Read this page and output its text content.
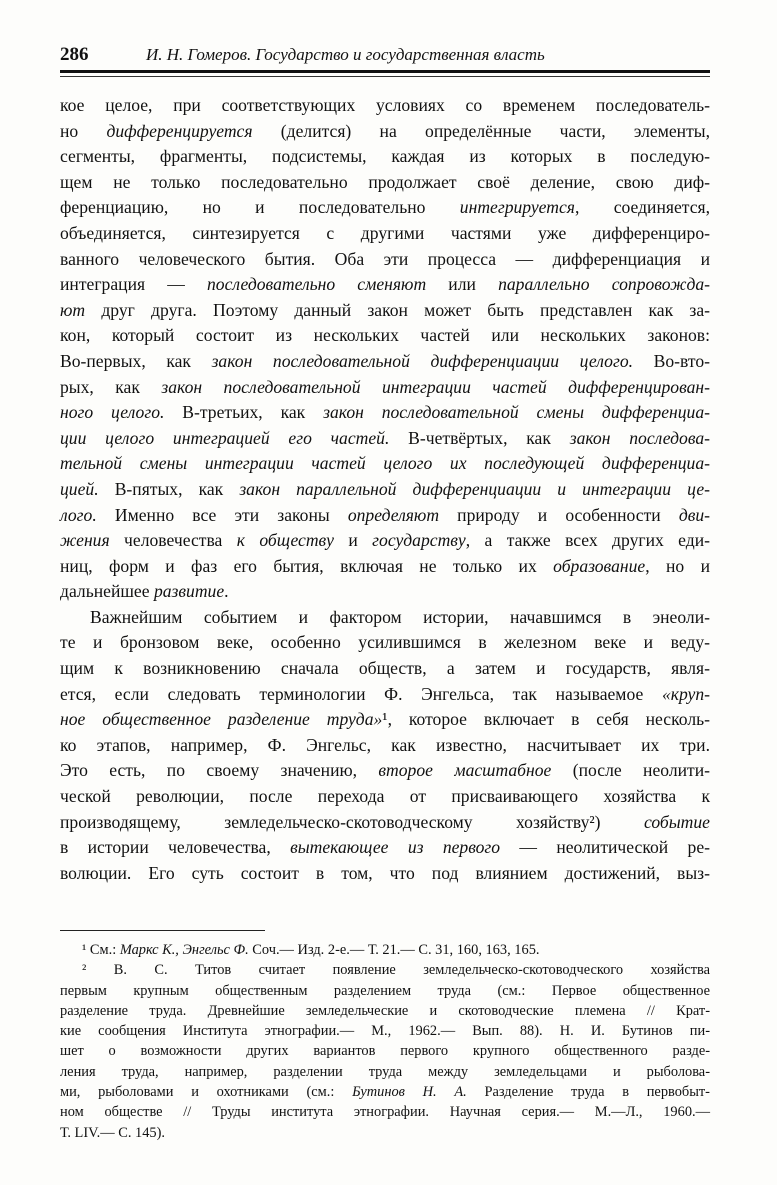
286	И. Н. Гомеров. Государство и государственная власть
кое целое, при соответствующих условиях со временем последователь-
но дифференцируется (делится) на определённые части, элементы,
сегменты, фрагменты, подсистемы, каждая из которых в последую-
щем не только последовательно продолжает своё деление, свою диф-
ференциацию, но и последовательно интегрируется, соединяется,
объединяется, синтезируется с другими частями уже дифференциро-
ванного человеческого бытия. Оба эти процесса — дифференциация и
интеграция — последовательно сменяют или параллельно сопровожда-
ют друг друга. Поэтому данный закон может быть представлен как за-
кон, который состоит из нескольких частей или нескольких законов:
Во-первых, как закон последовательной дифференциации целого. Во-вто-
рых, как закон последовательной интеграции частей дифференцирован-
ного целого. В-третьих, как закон последовательной смены дифференциа-
ции целого интеграцией его частей. В-четвёртых, как закон последова-
тельной смены интеграции частей целого их последующей дифференциа-
цией. В-пятых, как закон параллельной дифференциации и интеграции це-
лого. Именно все эти законы определяют природу и особенности дви-
жения человечества к обществу и государству, а также всех других еди-
ниц, форм и фаз его бытия, включая не только их образование, но и
дальнейшее развитие.
Важнейшим событием и фактором истории, начавшимся в энеоли-
те и бронзовом веке, особенно усилившимся в железном веке и веду-
щим к возникновению сначала обществ, а затем и государств, явля-
ется, если следовать терминологии Ф. Энгельса, так называемое «круп-
ное общественное разделение труда»¹, которое включает в себя несколь-
ко этапов, например, Ф. Энгельс, как известно, насчитывает их три.
Это есть, по своему значению, второе масштабное (после неолити-
ческой революции, после перехода от присваивающего хозяйства к
производящему, земледельческо-скотоводческому хозяйству²) событие
в истории человечества, вытекающее из первого — неолитической ре-
волюции. Его суть состоит в том, что под влиянием достижений, выз-
¹ См.: Маркс К., Энгельс Ф. Соч.— Изд. 2-е.— Т. 21.— С. 31, 160, 163, 165.
² В. С. Титов считает появление земледельческо-скотоводческого хозяйства
первым крупным общественным разделением труда (см.: Первое общественное
разделение труда. Древнейшие земледельческие и скотоводческие племена // Крат-
кие сообщения Института этнографии.— М., 1962.— Вып. 88). Н. И. Бутинов пи-
шет о возможности других вариантов первого крупного общественного разде-
ления труда, например, разделении труда между земледельцами и рыболова-
ми, рыболовами и охотниками (см.: Бутинов Н. А. Разделение труда в первобыт-
ном обществе // Труды института этнографии. Научная серия.— М.—Л., 1960.—
Т. LIV.— С. 145).
